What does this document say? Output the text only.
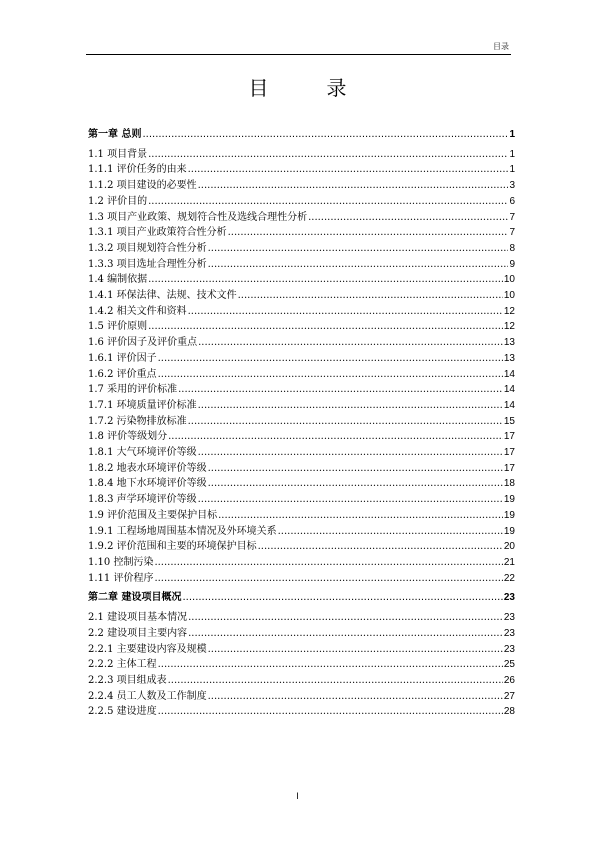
目录
目	录
第一章 总则 .....	1
1.1 项目背景 .....	1
1.1.1 评价任务的由来 .....	1
1.1.2 项目建设的必要性 .....	3
1.2 评价目的 .....	6
1.3 项目产业政策、规划符合性及选线合理性分析 .....	7
1.3.1 项目产业政策符合性分析 .....	7
1.3.2 项目规划符合性分析 .....	8
1.3.3 项目选址合理性分析 .....	9
1.4 编制依据 .....	10
1.4.1 环保法律、法规、技术文件 .....	10
1.4.2 相关文件和资料 .....	12
1.5 评价原则 .....	12
1.6 评价因子及评价重点 .....	13
1.6.1 评价因子 .....	13
1.6.2 评价重点 .....	14
1.7 采用的评价标准 .....	14
1.7.1 环境质量评价标准 .....	14
1.7.2 污染物排放标准 .....	15
1.8 评价等级划分 .....	17
1.8.1 大气环境评价等级 .....	17
1.8.2 地表水环境评价等级 .....	17
1.8.4 地下水环境评价等级 .....	18
1.8.3 声学环境评价等级 .....	19
1.9 评价范围及主要保护目标 .....	19
1.9.1 工程场地周围基本情况及外环境关系 .....	19
1.9.2 评价范围和主要的环境保护目标 .....	20
1.10 控制污染 .....	21
1.11 评价程序 .....	22
第二章 建设项目概况 .....	23
2.1 建设项目基本情况 .....	23
2.2 建设项目主要内容 .....	23
2.2.1 主要建设内容及规模 .....	23
2.2.2 主体工程 .....	25
2.2.3 项目组成表 .....	26
2.2.4 员工人数及工作制度 .....	27
2.2.5 建设进度 .....	28
I
